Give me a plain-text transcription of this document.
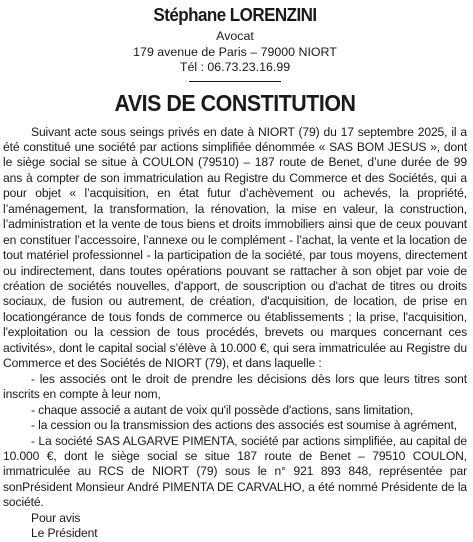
Stéphane LORENZINI

Avocat

179 avenue de Paris – 79000 NIORT

Tél : 06.73.23.16.99

AVIS DE CONSTITUTION

Suivant acte sous seings privés en date à NIORT (79) du 17 septembre 2025, il a été constitué une société par actions simplifiée dénommée « SAS BOM JESUS », dont le siège social se situe à COULON (79510) – 187 route de Benet, d’une durée de 99 ans à compter de son immatriculation au Registre du Commerce et des Sociétés, qui a pour objet « l’acquisition, en état futur d’achèvement ou achevés, la propriété, l’aménagement, la transformation, la rénovation, la mise en valeur, la construction, l’administration et la vente de tous biens et droits immobiliers ainsi que de ceux pouvant en constituer l’accessoire, l’annexe ou le complément - l’achat, la vente et la location de tout matériel professionnel - la participation de la société, par tous moyens, directement ou indirectement, dans toutes opérations pouvant se rattacher à son objet par voie de création de sociétés nouvelles, d'apport, de souscription ou d'achat de titres ou droits sociaux, de fusion ou autrement, de création, d'acquisition, de location, de prise en locationgérance de tous fonds de commerce ou établissements ; la prise, l'acquisition, l'exploitation ou la cession de tous procédés, brevets ou marques concernant ces activités», dont le capital social s’élève à 10.000 €, qui sera immatriculée au Registre du Commerce et des Sociétés de NIORT (79), et dans laquelle :

- les associés ont le droit de prendre les décisions dès lors que leurs titres sont inscrits en compte à leur nom,

- chaque associé a autant de voix qu'il possède d'actions, sans limitation,

- la cession ou la transmission des actions des associés est soumise à agrément,

- La société SAS ALGARVE PIMENTA, société par actions simplifiée, au capital de 10.000 €, dont le siège social se situe 187 route de Benet – 79510 COULON, immatriculée au RCS de NIORT (79) sous le n° 921 893 848, représentée par sonPrésident Monsieur André PIMENTA DE CARVALHO, a été nommé Présidente de la société.

Pour avis

Le Président
